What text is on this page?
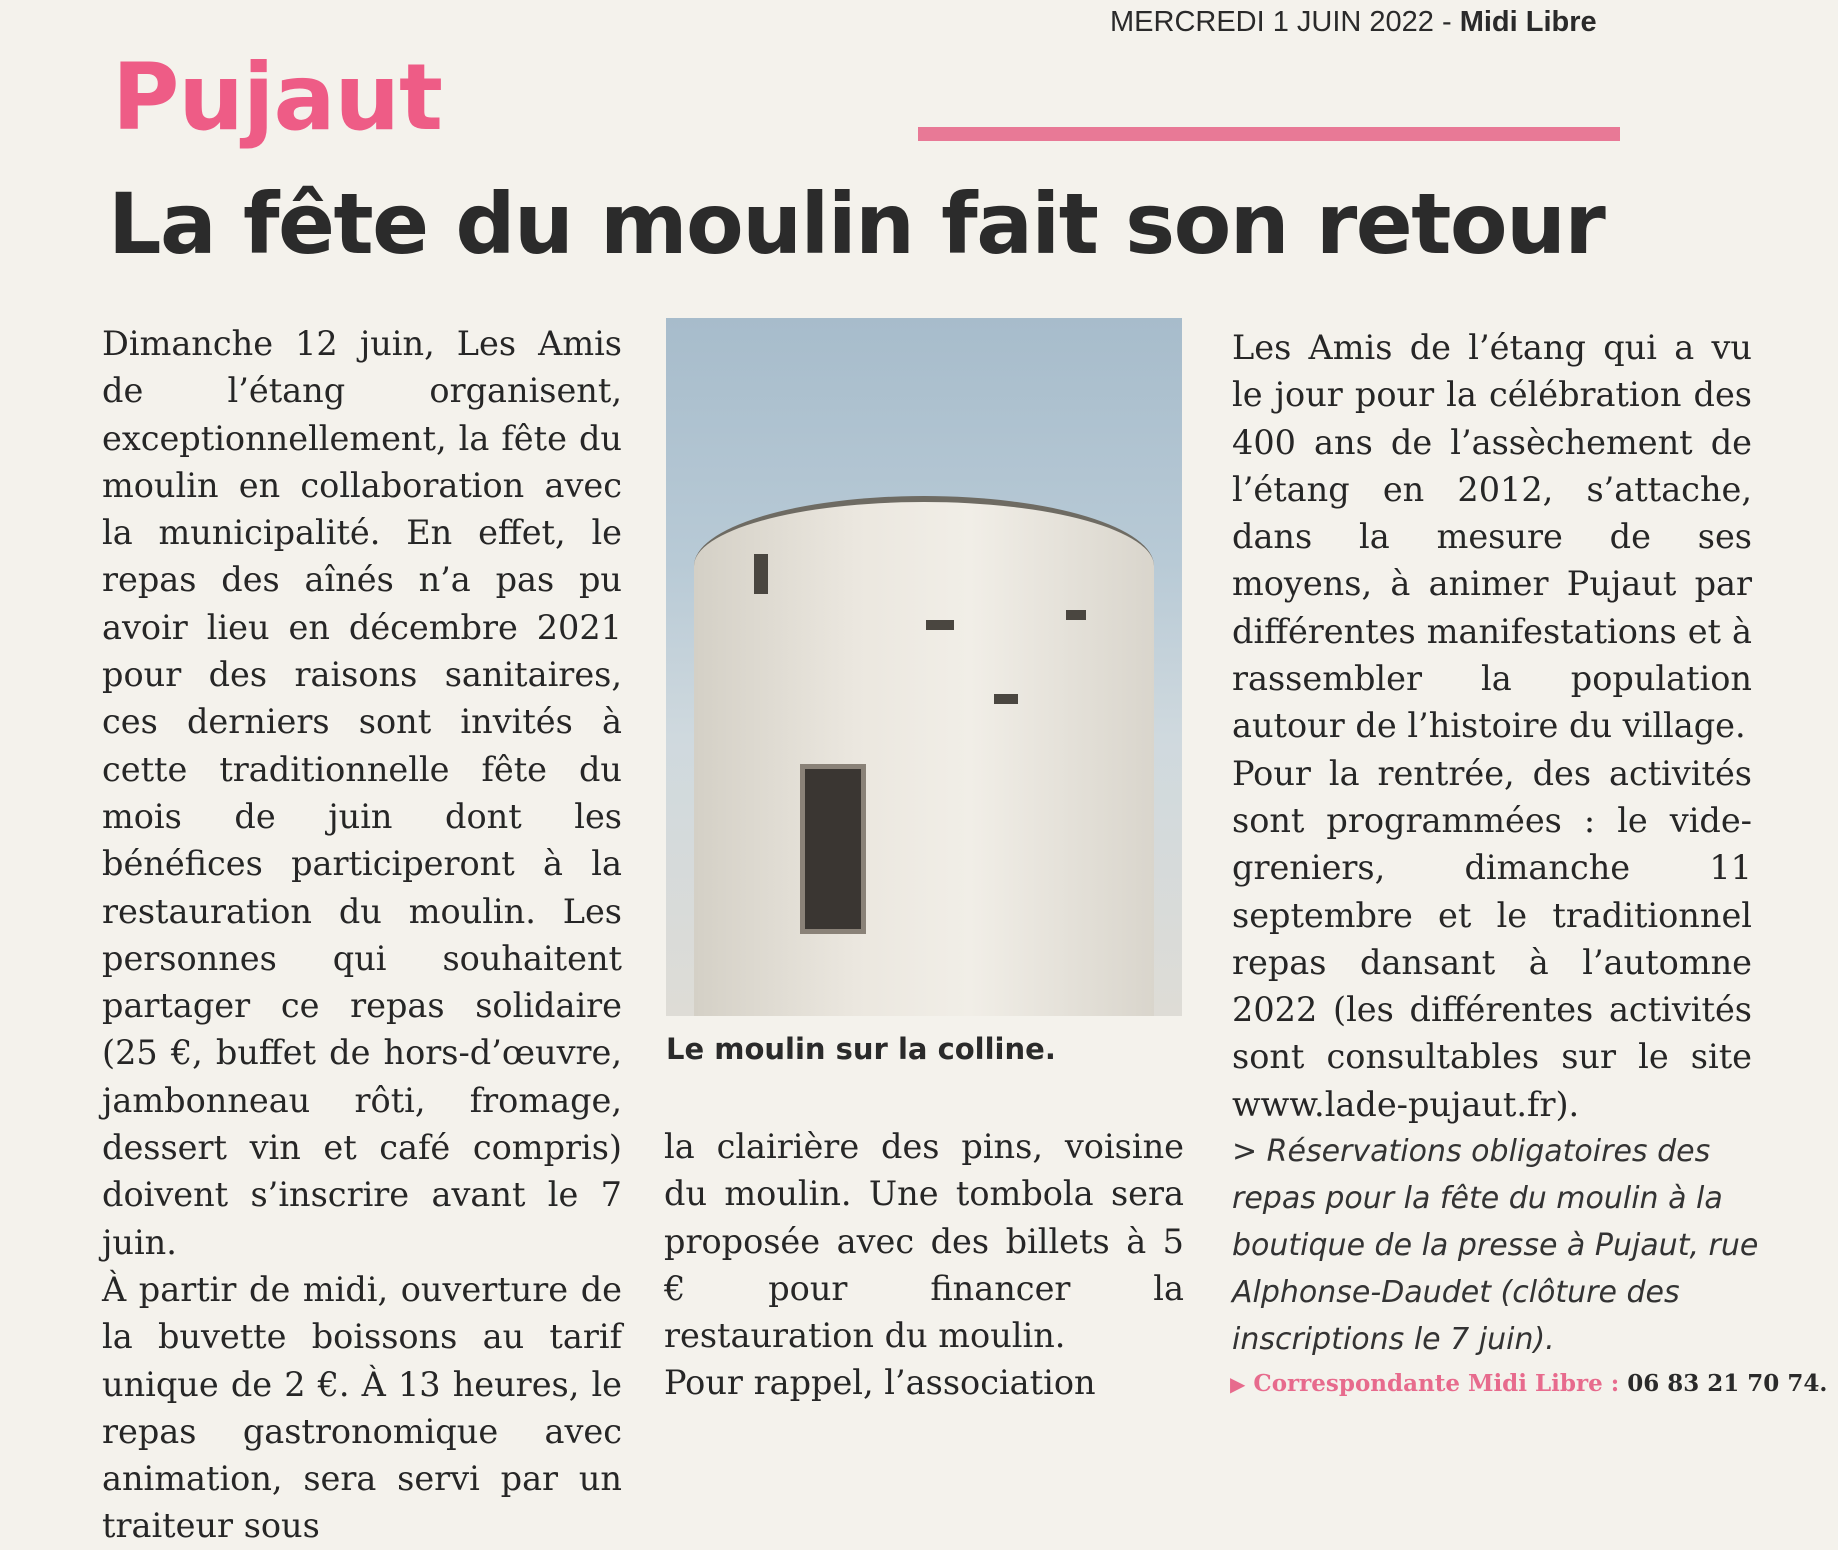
MERCREDI 1 JUIN 2022 - Midi Libre
Pujaut
La fête du moulin fait son retour

Dimanche 12 juin, Les Amis de l’étang organisent, exceptionnellement, la fête du moulin en collaboration avec la municipalité. En effet, le repas des aînés n’a pas pu avoir lieu en décembre 2021 pour des raisons sanitaires, ces derniers sont invités à cette traditionnelle fête du mois de juin dont les bénéfices participeront à la restauration du moulin. Les personnes qui souhaitent partager ce repas solidaire (25 €, buffet de hors-d’œuvre, jambonneau rôti, fromage, dessert vin et café compris) doivent s’inscrire avant le 7 juin.

À partir de midi, ouverture de la buvette boissons au tarif unique de 2 €. À 13 heures, le repas gastronomique avec animation, sera servi par un traiteur sous

Le moulin sur la colline.

la clairière des pins, voisine du moulin. Une tombola sera proposée avec des billets à 5 € pour financer la restauration du moulin.

Pour rappel, l’association

Les Amis de l’étang qui a vu le jour pour la célébration des 400 ans de l’assèchement de l’étang en 2012, s’attache, dans la mesure de ses moyens, à animer Pujaut par différentes manifestations et à rassembler la population autour de l’histoire du village.

Pour la rentrée, des activités sont programmées : le vide-greniers, dimanche 11 septembre et le traditionnel repas dansant à l’automne 2022 (les différentes activités sont consultables sur le site www.lade-pujaut.fr).

> Réservations obligatoires des repas pour la fête du moulin à la boutique de la presse à Pujaut, rue Alphonse-Daudet (clôture des inscriptions le 7 juin).

▶ Correspondante Midi Libre : 06 83 21 70 74.
